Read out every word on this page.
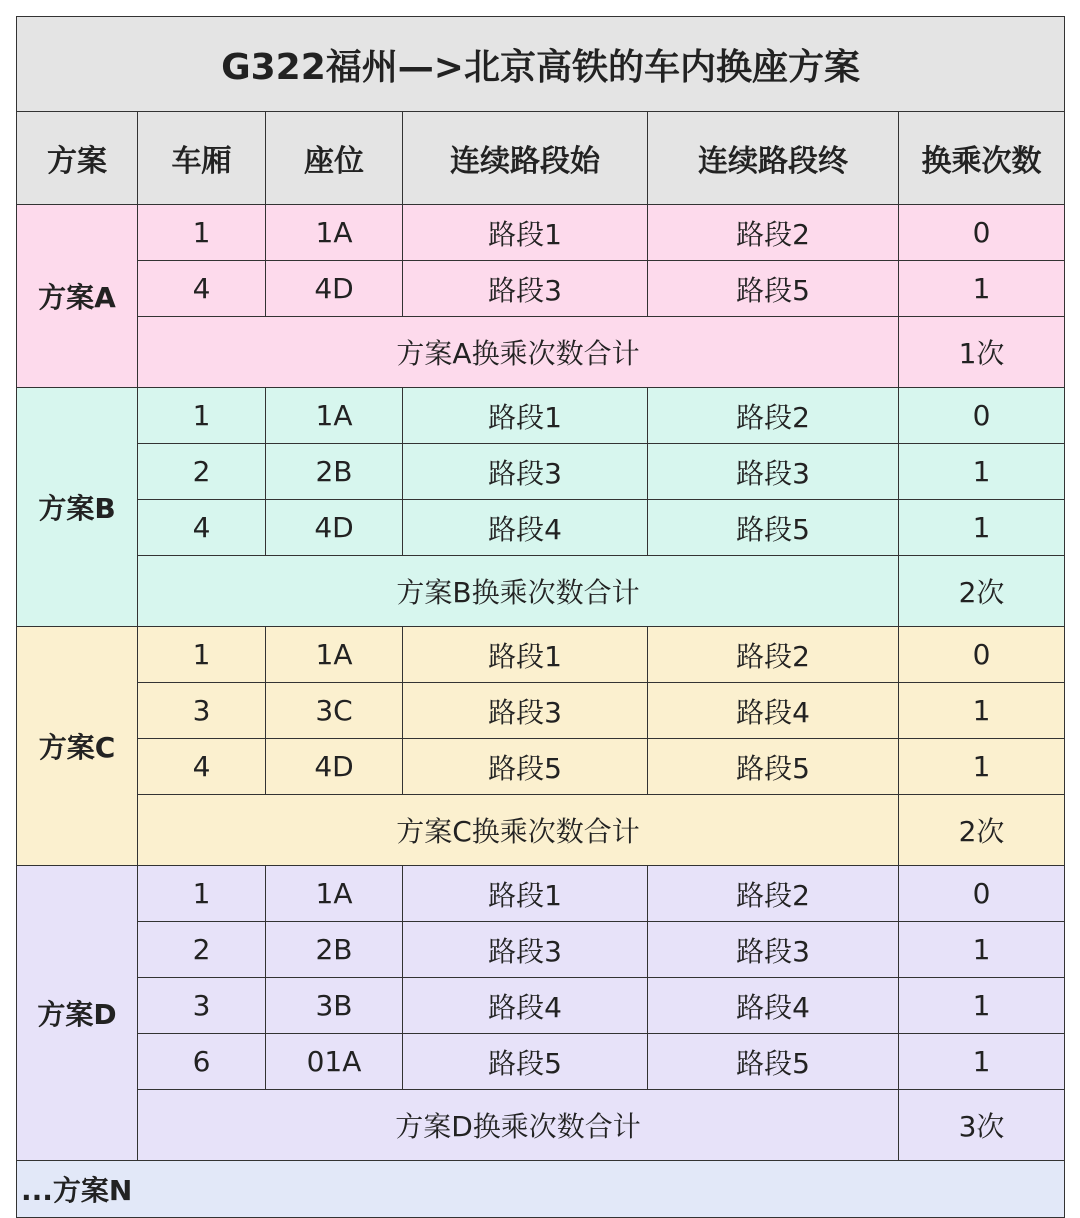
G322福州—>北京高铁的车内换座方案					
方案	车厢	座位	连续路段始	连续路段终	换乘次数
方案A	1	1A	路段1	路段2	0
	4	4D	路段3	路段5	1
	方案A换乘次数合计				1次
方案B	1	1A	路段1	路段2	0
	2	2B	路段3	路段3	1
	4	4D	路段4	路段5	1
	方案B换乘次数合计				2次
方案C	1	1A	路段1	路段2	0
	3	3C	路段3	路段4	1
	4	4D	路段5	路段5	1
	方案C换乘次数合计				2次
方案D	1	1A	路段1	路段2	0
	2	2B	路段3	路段3	1
	3	3B	路段4	路段4	1
	6	01A	路段5	路段5	1
	方案D换乘次数合计				3次
...方案N					
